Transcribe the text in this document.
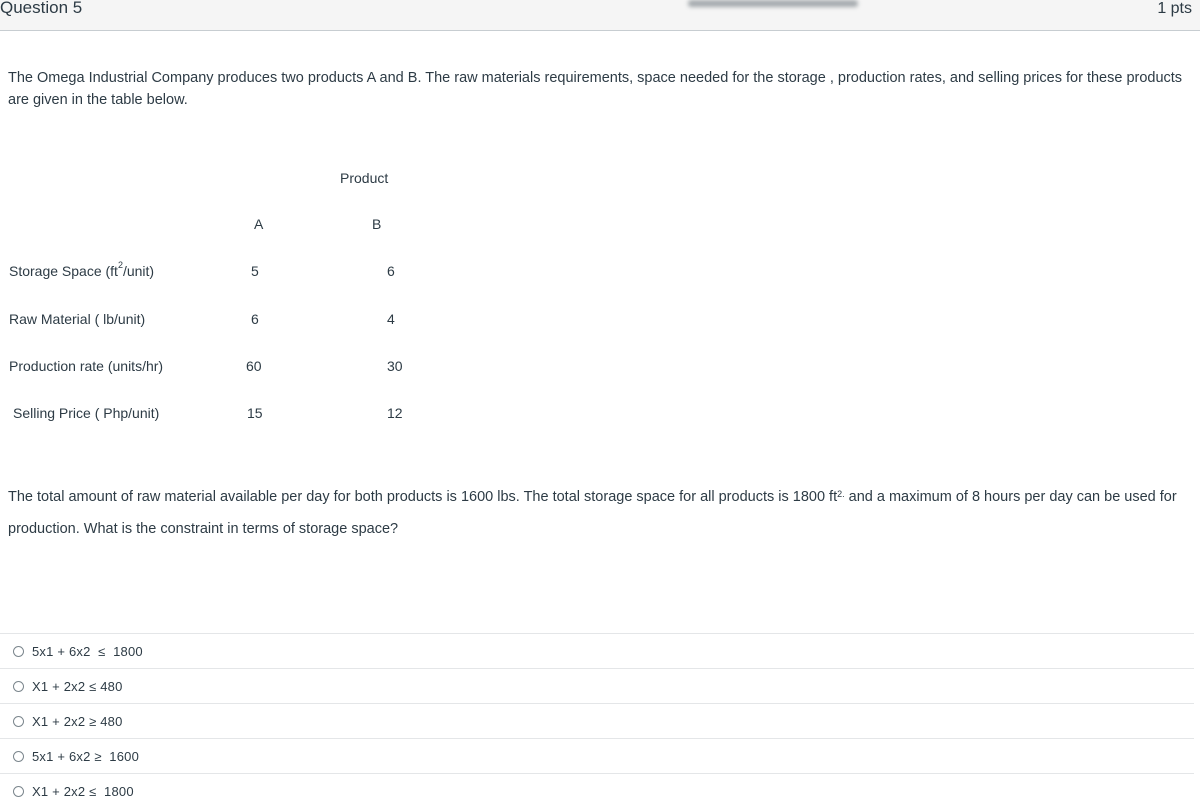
Question 5	1 pts
The Omega Industrial Company produces two products A and B. The raw materials requirements, space needed for the storage , production rates, and selling prices for these products are given in the table below.
Product
A	B
Storage Space $(ft^2/unit)$	5	6
Raw Material ( lb/unit)	6	4
Production rate (units/hr)	60	30
Selling Price ( Php/unit)	15	12
The total amount of raw material available per day for both products is 1600 lbs. The total storage space for all products is 1800 $ft^{2.}$ and a maximum of 8 hours per day can be used for production. What is the constraint in terms of storage space?
5x1 + 6x2  ≤  1800
X1 + 2x2 ≤ 480
X1 + 2x2 ≥ 480
5x1 + 6x2 ≥  1600
X1 + 2x2 ≤  1800
